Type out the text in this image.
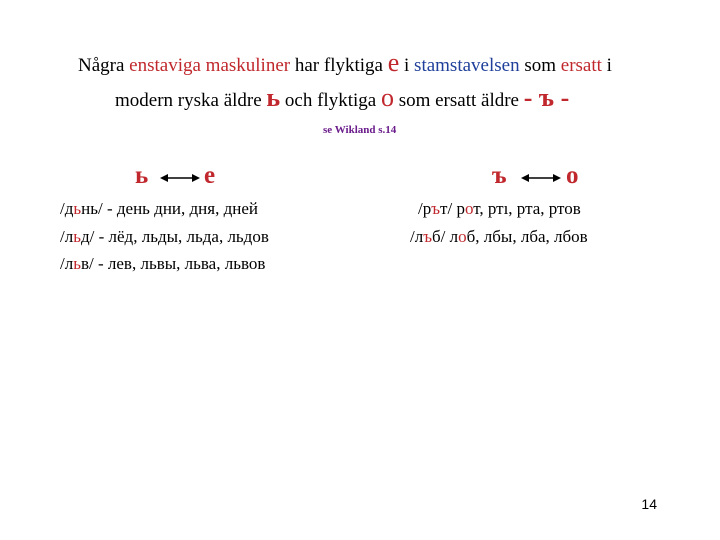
Några enstaviga maskuliner har flyktiga е i stamstavelsen som ersatt i
modern ryska äldre ь och flyktiga о som ersatt äldre - ъ -
se Wikland s.14
ь е	ъ о
/дьнь/ - день дни, дня, дней
/льд/ - лёд, льды, льда, льдов
/льв/ - лев, львы, льва, львов
/рът/ рот, ртı, рта, ртов
/лъб/ лоб, лбы, лба, лбов
14
